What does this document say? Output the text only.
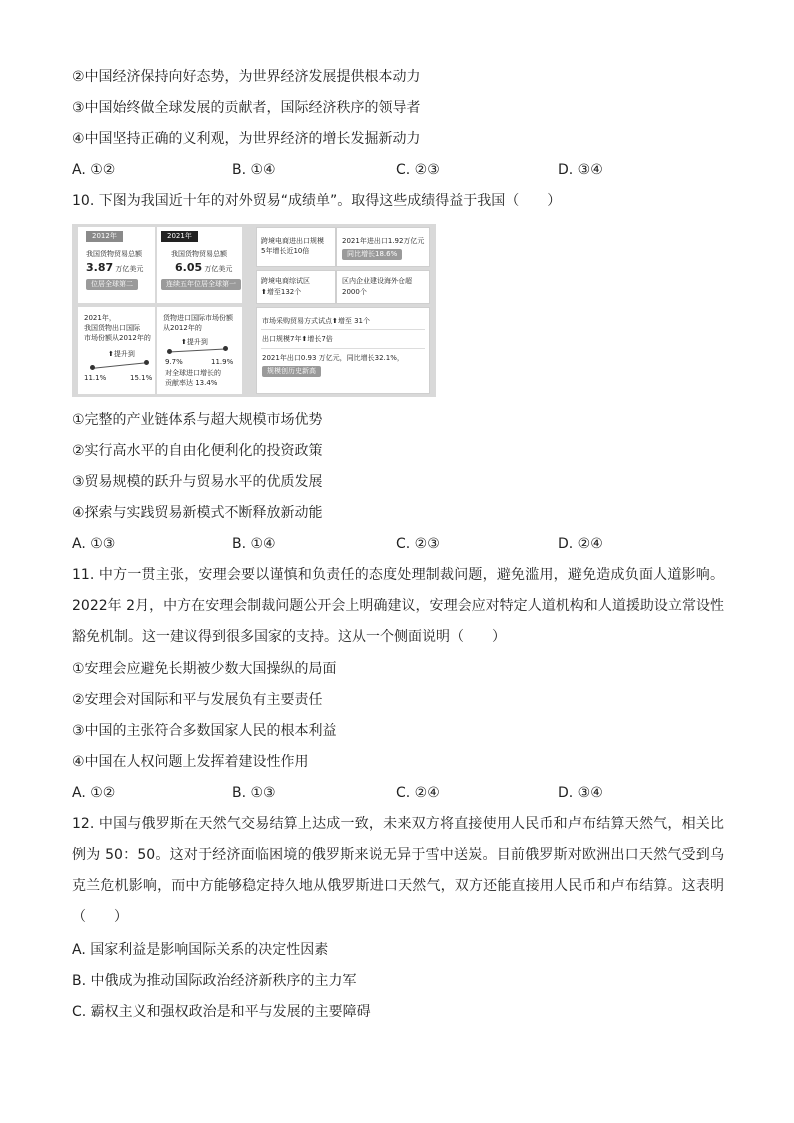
②中国经济保持向好态势，为世界经济发展提供根本动力
③中国始终做全球发展的贡献者，国际经济秩序的领导者
④中国坚持正确的义利观，为世界经济的增长发掘新动力
A. ①②	B. ①④	C. ②③	D. ③④
10. 下图为我国近十年的对外贸易“成绩单”。取得这些成绩得益于我国（　　）
2012年
我国货物贸易总额
3.87 万亿美元
位居全球第二
2021年
我国货物贸易总额
6.05 万亿美元
连续五年位居全球第一
2021年，
我国货物出口国际
市场份额从2012年的
⬆提升到
11.1%	15.1%
货物进口国际市场份额
从2012年的
⬆提升到
9.7%	11.9%
对全球进口增长的
贡献率达 13.4%
跨境电商进出口规模
5年增长近10倍
2021年进出口1.92万亿元
同比增长18.6%
跨境电商综试区
⬆增至132个
区内企业建设海外仓超
2000个
市场采购贸易方式试点⬆增至 31个
出口规模7年⬆增长7倍
2021年出口0.93 万亿元，同比增长32.1%，
规模创历史新高
①完整的产业链体系与超大规模市场优势
②实行高水平的自由化便利化的投资政策
③贸易规模的跃升与贸易水平的优质发展
④探索与实践贸易新模式不断释放新动能
A. ①③	B. ①④	C. ②③	D. ②④
11. 中方一贯主张，安理会要以谨慎和负责任的态度处理制裁问题，避免滥用，避免造成负面人道影响。2022年 2月，中方在安理会制裁问题公开会上明确建议，安理会应对特定人道机构和人道援助设立常设性豁免机制。这一建议得到很多国家的支持。这从一个侧面说明（　　）
①安理会应避免长期被少数大国操纵的局面
②安理会对国际和平与发展负有主要责任
③中国的主张符合多数国家人民的根本利益
④中国在人权问题上发挥着建设性作用
A. ①②	B. ①③	C. ②④	D. ③④
12. 中国与俄罗斯在天然气交易结算上达成一致，未来双方将直接使用人民币和卢布结算天然气，相关比例为 50：50。这对于经济面临困境的俄罗斯来说无异于雪中送炭。目前俄罗斯对欧洲出口天然气受到乌克兰危机影响，而中方能够稳定持久地从俄罗斯进口天然气，双方还能直接用人民币和卢布结算。这表明（　　）
A. 国家利益是影响国际关系的决定性因素
B. 中俄成为推动国际政治经济新秩序的主力军
C. 霸权主义和强权政治是和平与发展的主要障碍
